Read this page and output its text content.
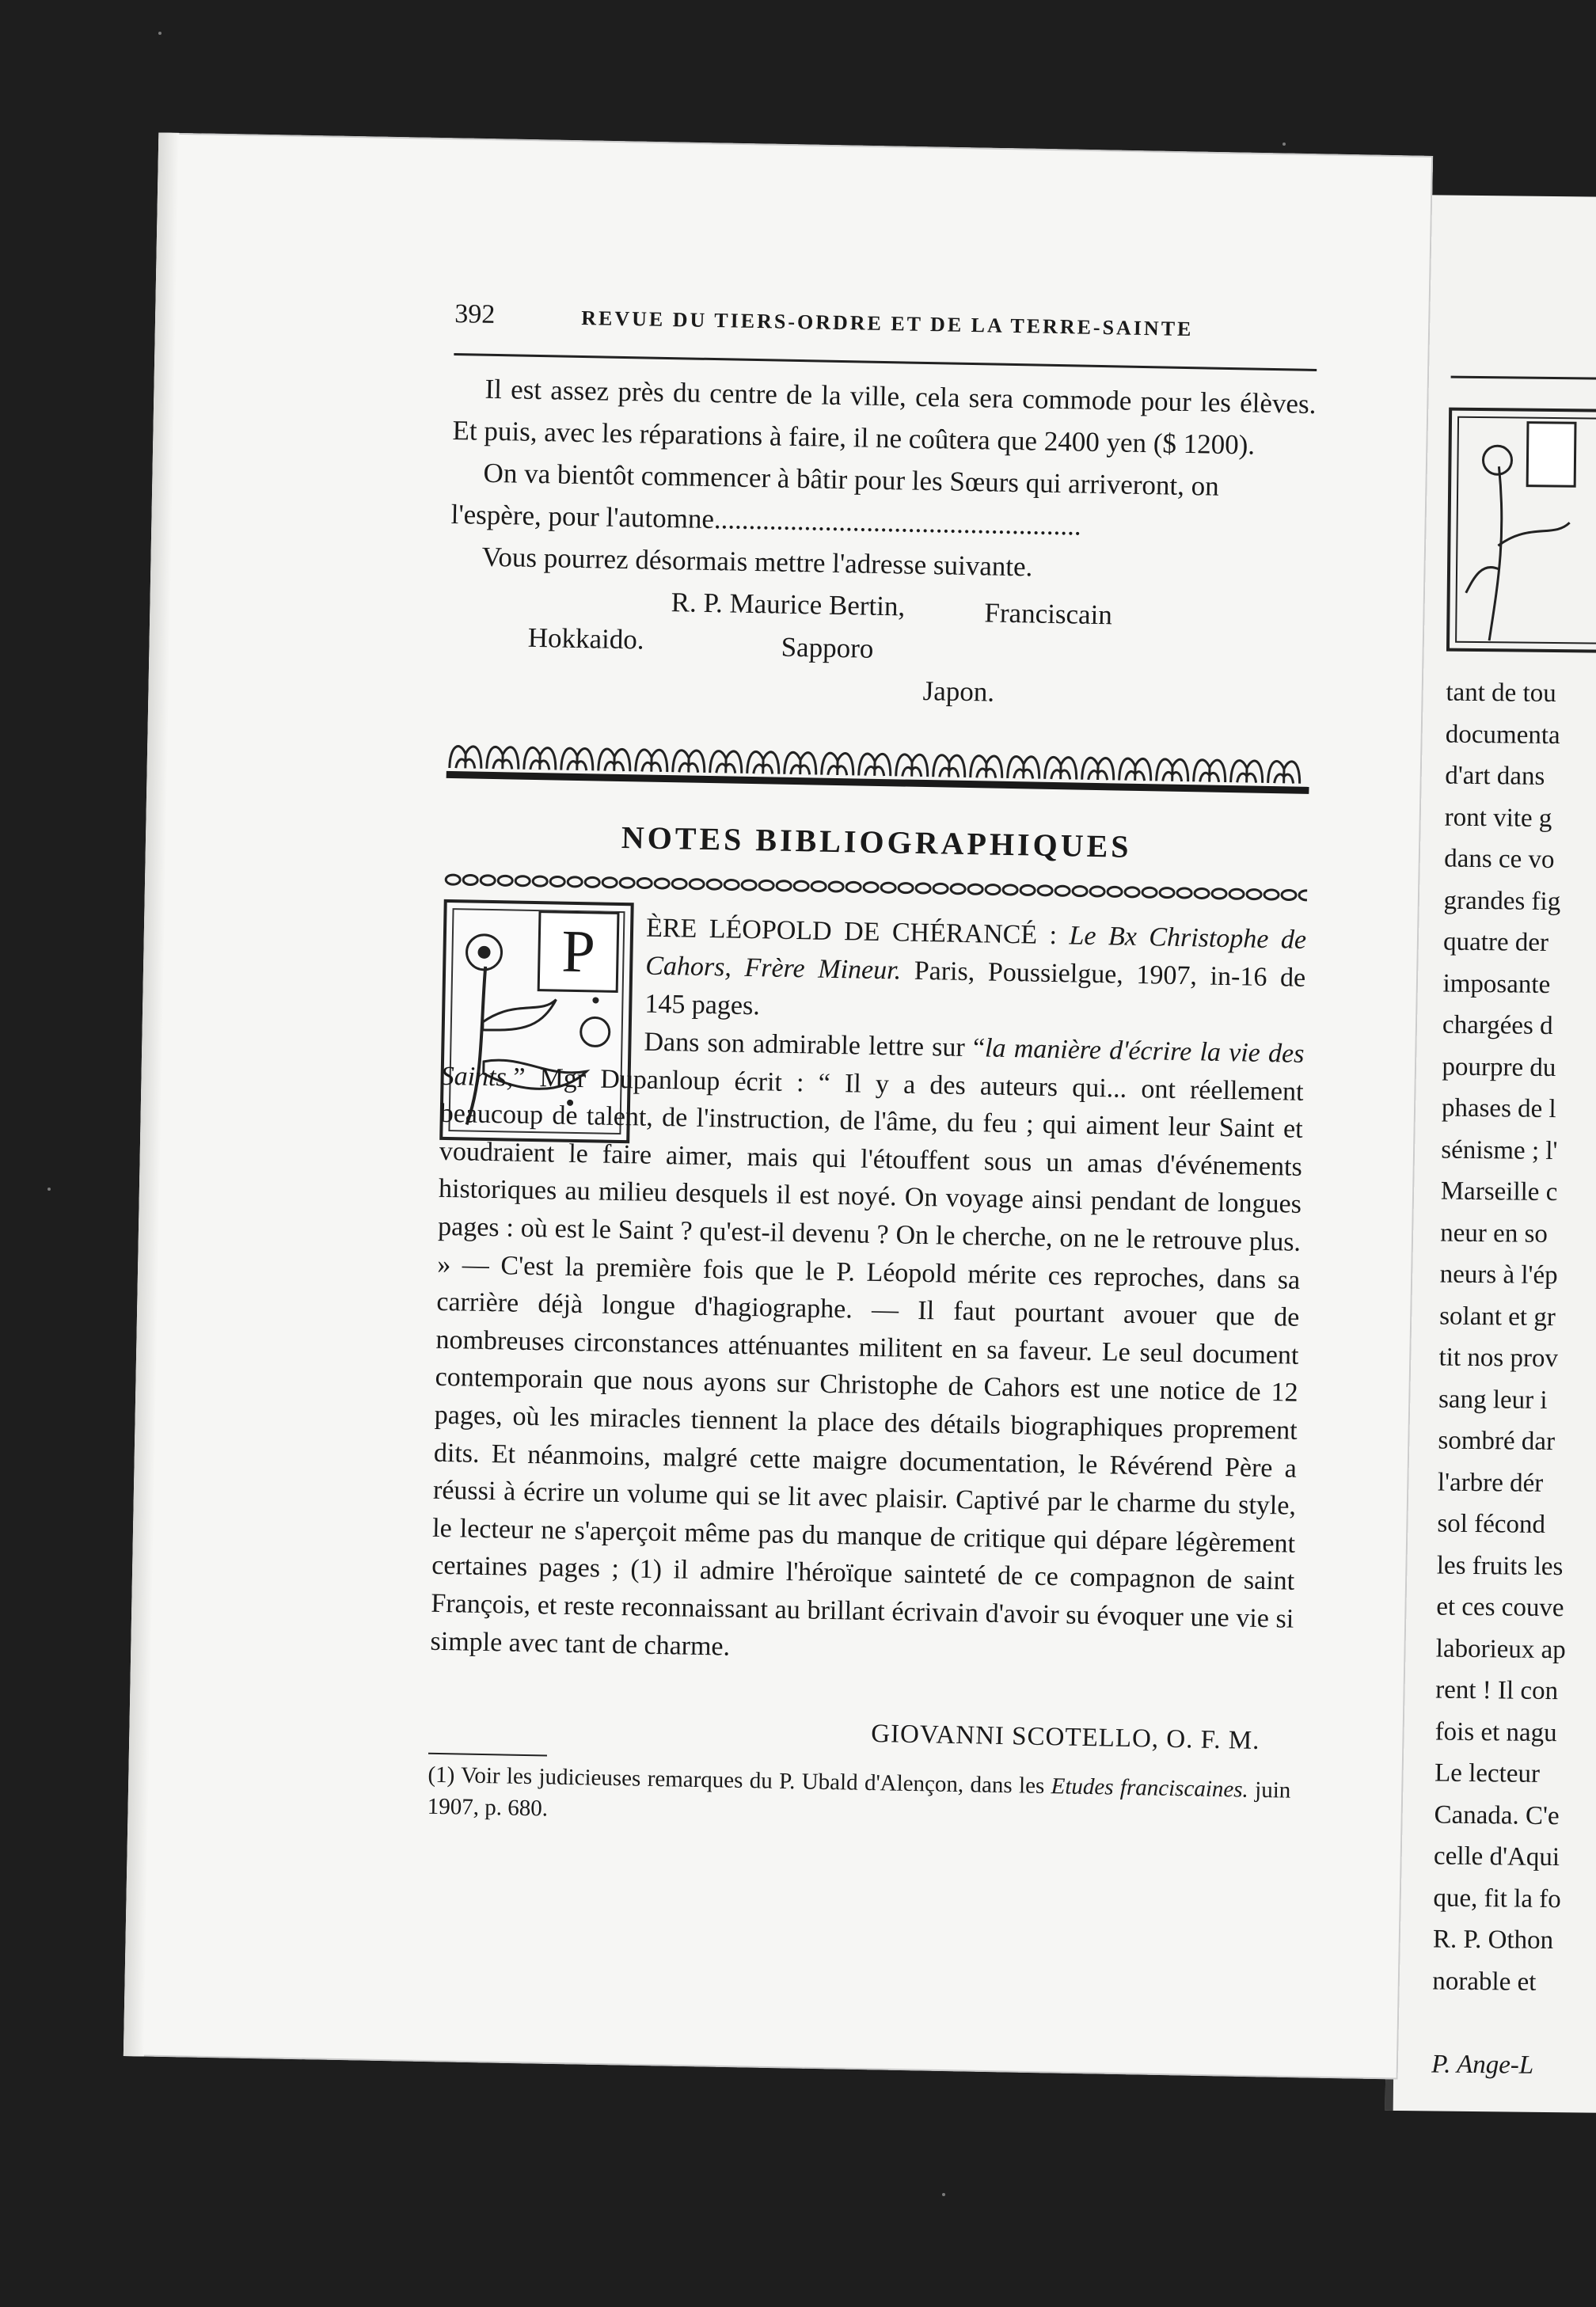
tant de tou
documenta
d'art dans
ront vite g
dans ce vo
grandes fig
quatre der
imposante
chargées d
pourpre du
phases de l
sénisme ; l'
Marseille c
neur en so
neurs à l'ép
solant et gr
tit nos prov
sang leur i
sombré dar
l'arbre dér
sol fécond
les fruits les
et ces couve
laborieux ap
rent ! Il con
fois et nagu
Le lecteur
Canada. C'e
celle d'Aqui
que, fit la fo
R. P. Othon
norable et

P. Ange-L
392	REVUE DU TIERS-ORDRE ET DE LA TERRE-SAINTE

Il est assez près du centre de la ville, cela sera commode pour les élèves. Et puis, avec les réparations à faire, il ne coûtera que 2400 yen ($ 1200).

On va bientôt commencer à bâtir pour les Sœurs qui arriveront, on l'espère, pour l'automne.....................................................

Vous pourrez désormais mettre l'adresse suivante.

R. P. Maurice Bertin,	Franciscain
Hokkaido.	Sapporo
Japon.
NOTES BIBLIOGRAPHIQUES
P	ÈRE LÉOPOLD DE CHÉRANCÉ : Le Bx Christophe de Cahors, Frère Mineur. Paris, Poussielgue, 1907, in-16 de 145 pages.

Dans son admirable lettre sur “la manière d'écrire la vie des Saints,” Mgr Dupanloup écrit : “ Il y a des auteurs qui... ont réellement beaucoup de talent, de l'instruction, de l'âme, du feu ; qui aiment leur Saint et voudraient le faire aimer, mais qui l'étouffent sous un amas d'événements historiques au milieu desquels il est noyé. On voyage ainsi pendant de longues pages : où est le Saint ? qu'est-il devenu ? On le cherche, on ne le retrouve plus. » — C'est la première fois que le P. Léopold mérite ces reproches, dans sa carrière déjà longue d'hagiographe. — Il faut pourtant avouer que de nombreuses circonstances atténuantes militent en sa faveur. Le seul document contemporain que nous ayons sur Christophe de Cahors est une notice de 12 pages, où les miracles tiennent la place des détails biographiques proprement dits. Et néanmoins, malgré cette maigre documentation, le Révérend Père a réussi à écrire un volume qui se lit avec plaisir. Captivé par le charme du style, le lecteur ne s'aperçoit même pas du manque de critique qui dépare légèrement certaines pages ; (1) il admire l'héroïque sainteté de ce compagnon de saint François, et reste reconnaissant au brillant écrivain d'avoir su évoquer une vie si simple avec tant de charme.

GIOVANNI SCOTELLO, O. F. M.
(1) Voir les judicieuses remarques du P. Ubald d'Alençon, dans les Etudes franciscaines. juin 1907, p. 680.
